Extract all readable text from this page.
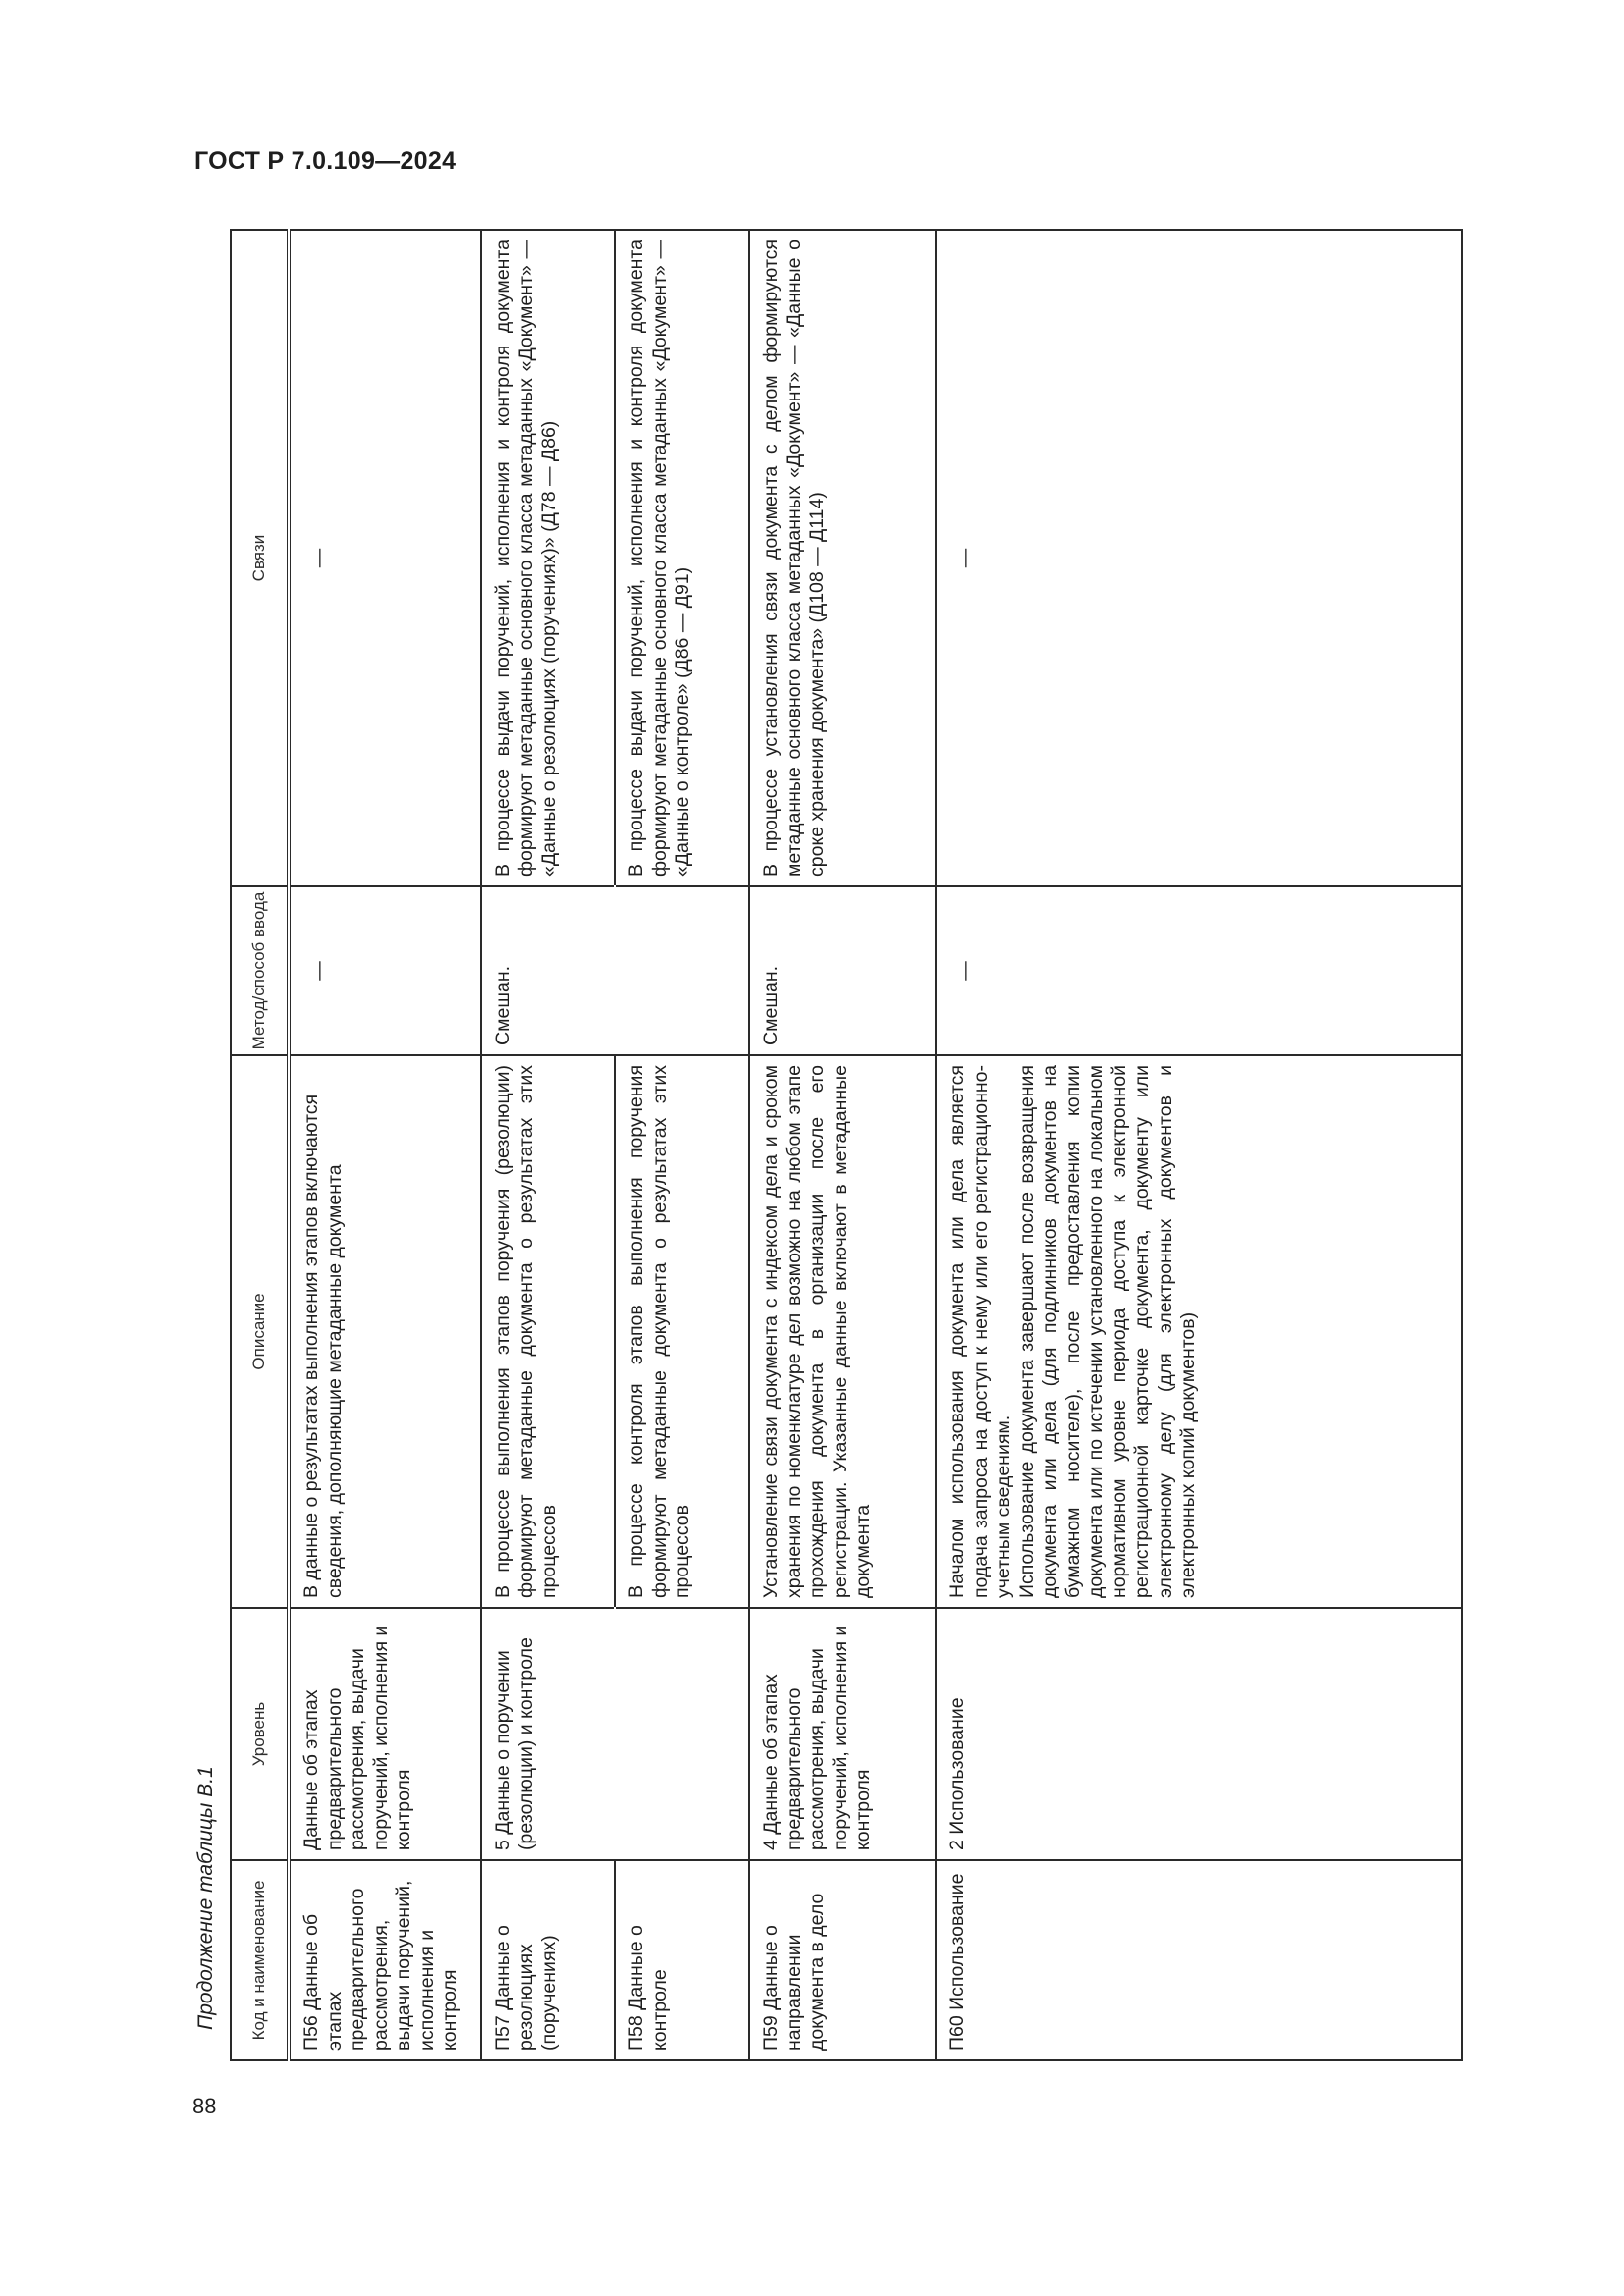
ГОСТ Р 7.0.109—2024
Продолжение таблицы В.1
88
Код и наименование	Уровень	Описание	Метод/способ ввода	Связи
П56 Данные об этапах предварительного рассмотрения, выдачи поручений, исполнения и контроля	Данные об этапах предварительного рассмотрения, выдачи поручений, исполнения и контроля	В данные о результатах выполнения этапов включаются сведения, дополняющие метаданные документа	—	—
П57 Данные о резолюциях (поручениях)	5 Данные о поручении (резолюции) и контроле	В процессе выполнения этапов поручения (резолюции) формируют метаданные документа о результатах этих процессов	Смешан.	В процессе выдачи поручений, исполнения и контроля документа формируют метаданные основного класса метаданных «Документ» — «Данные о резолюциях (поручениях)» (Д78 — Д86)
П58 Данные о контроле		В процессе контроля этапов выполнения поручения формируют метаданные документа о результатах этих процессов		В процессе выдачи поручений, исполнения и контроля документа формируют метаданные основного класса метаданных «Документ» — «Данные о контроле» (Д86 — Д91)
П59 Данные о направлении документа в дело	4 Данные об этапах предварительного рассмотрения, выдачи поручений, исполнения и контроля	Установление связи документа с индексом дела и сроком хранения по номенклатуре дел возможно на любом этапе прохождения документа в организации после его регистрации. Указанные данные включают в метаданные документа	Смешан.	В процессе установления связи документа с делом формируются метаданные основного класса метаданных «Документ» — «Данные о сроке хранения документа» (Д108 — Д114)
П60 Использование	2 Использование	Началом использования документа или дела является подача запроса на доступ к нему или его регистрационно-учетным сведениям. Использование документа завершают после возвращения документа или дела (для подлинников документов на бумажном носителе), после предоставления копии документа или по истечении установленного на локальном нормативном уровне периода доступа к электронной регистрационной карточке документа, документу или электронному делу (для электронных документов и электронных копий документов)	—	—
